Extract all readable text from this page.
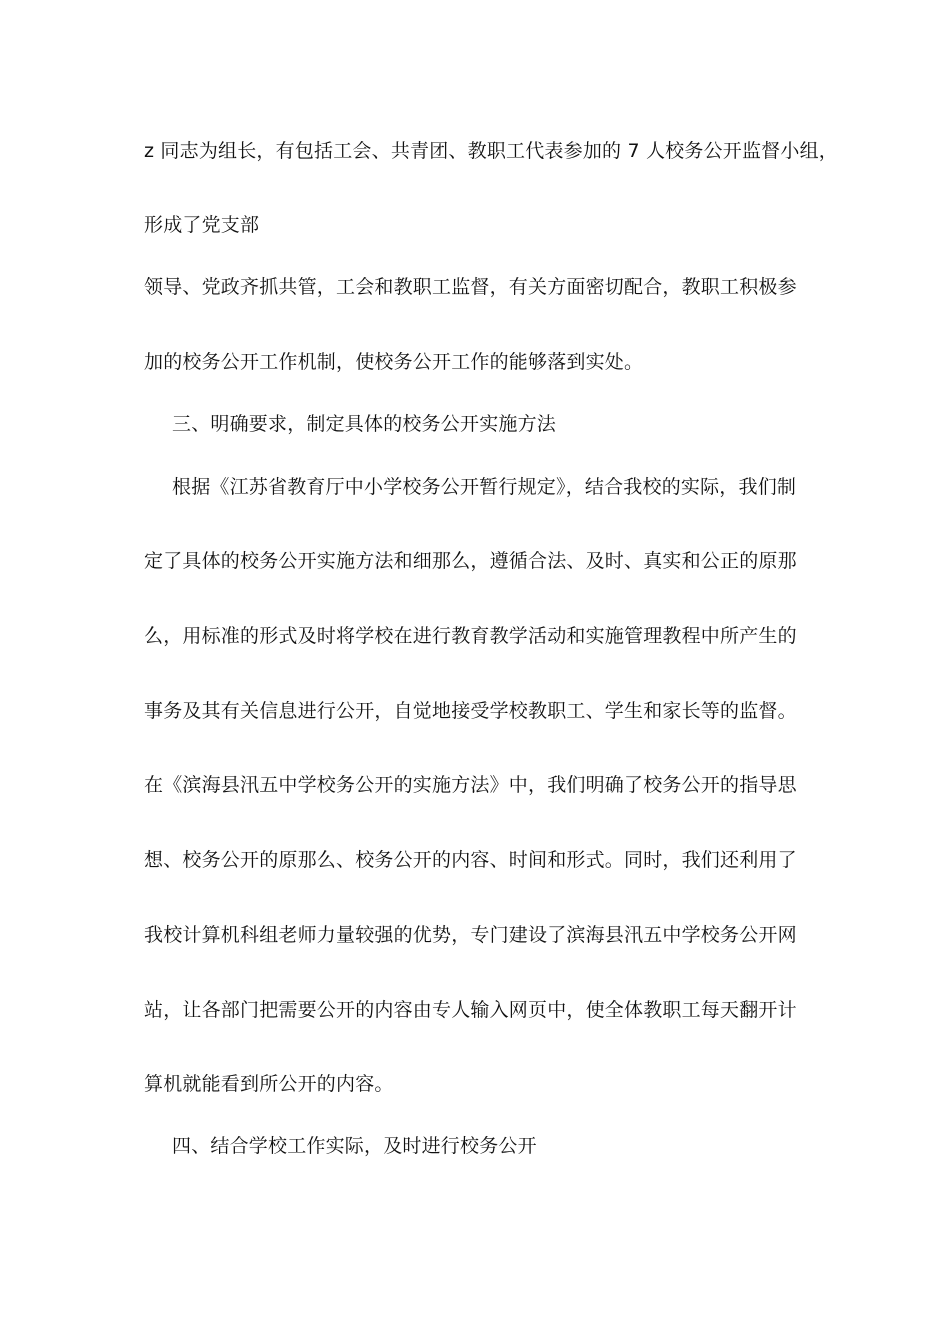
z 同志为组长，有包括工会、共青团、教职工代表参加的 7 人校务公开监督小组，
形成了党支部
领导、党政齐抓共管，工会和教职工监督，有关方面密切配合，教职工积极参
加的校务公开工作机制，使校务公开工作的能够落到实处。
三、明确要求，制定具体的校务公开实施方法
根据《江苏省教育厅中小学校务公开暂行规定》，结合我校的实际，我们制
定了具体的校务公开实施方法和细那么，遵循合法、及时、真实和公正的原那
么，用标准的形式及时将学校在进行教育教学活动和实施管理教程中所产生的
事务及其有关信息进行公开，自觉地接受学校教职工、学生和家长等的监督。
在《滨海县汛五中学校务公开的实施方法》中，我们明确了校务公开的指导思
想、校务公开的原那么、校务公开的内容、时间和形式。同时，我们还利用了
我校计算机科组老师力量较强的优势，专门建设了滨海县汛五中学校务公开网
站，让各部门把需要公开的内容由专人输入网页中，使全体教职工每天翻开计
算机就能看到所公开的内容。
四、结合学校工作实际，及时进行校务公开
